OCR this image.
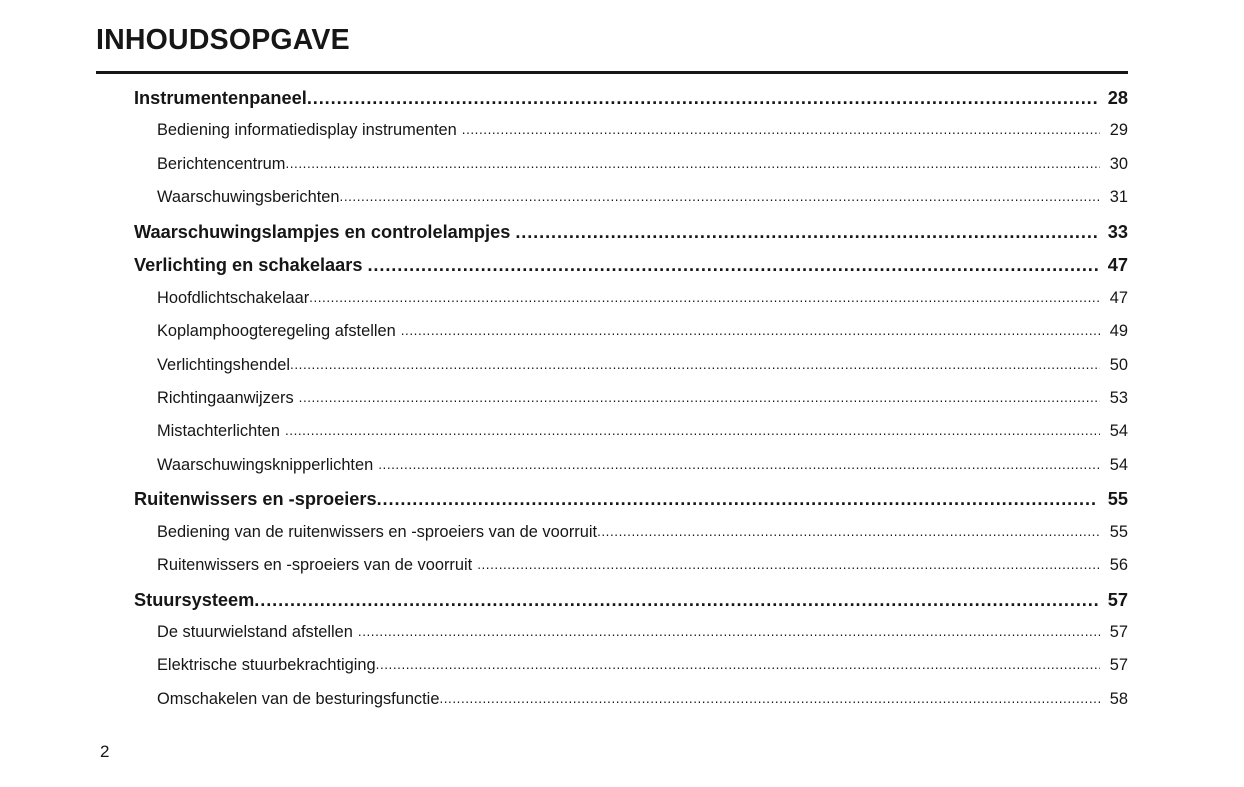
INHOUDSOPGAVE
Instrumentenpaneel .....	28
Bediening informatiedisplay instrumenten .....	29
Berichtencentrum .....	30
Waarschuwingsberichten .....	31
Waarschuwingslampjes en controlelampjes .....	33
Verlichting en schakelaars .....	47
Hoofdlichtschakelaar .....	47
Koplamphoogteregeling afstellen .....	49
Verlichtingshendel .....	50
Richtingaanwijzers .....	53
Mistachterlichten .....	54
Waarschuwingsknipperlichten .....	54
Ruitenwissers en -sproeiers .....	55
Bediening van de ruitenwissers en -sproeiers van de voorruit .....	55
Ruitenwissers en -sproeiers van de voorruit .....	56
Stuursysteem .....	57
De stuurwielstand afstellen .....	57
Elektrische stuurbekrachtiging .....	57
Omschakelen van de besturingsfunctie .....	58
2
